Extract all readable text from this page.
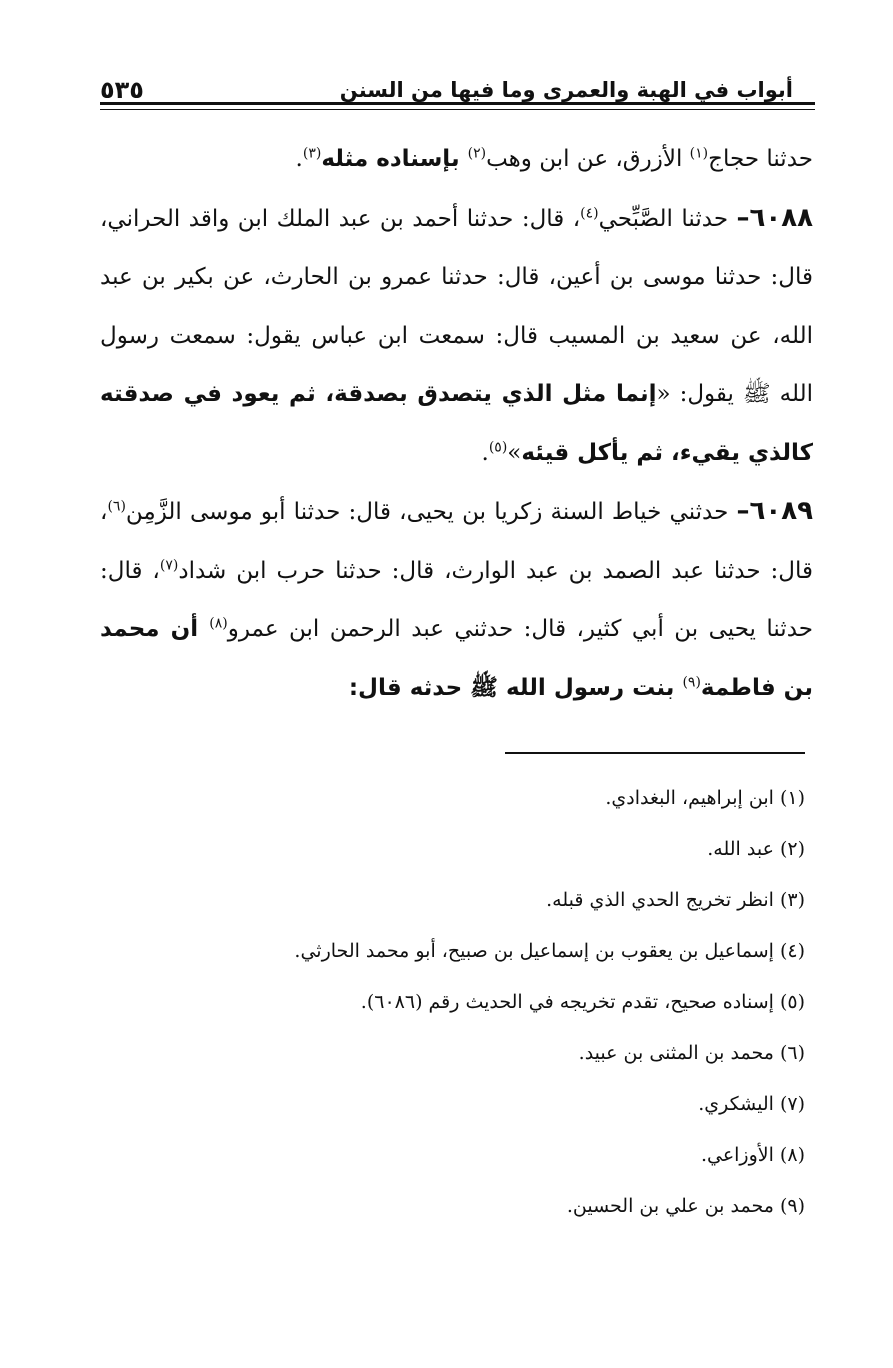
أبواب في الهبة والعمرى وما فيها من السنن
٥٣٥

حدثنا حجاج$^{(١)}$ الأزرق، عن ابن وهب$^{(٢)}$ بإسناده مثله$^{(٣)}$.

٦٠٨٨– حدثنا الصَّبِّحي$^{(٤)}$، قال: حدثنا أحمد بن عبد الملك ابن واقد الحراني، قال: حدثنا موسى بن أعين، قال: حدثنا عمرو بن الحارث، عن بكير بن عبد الله، عن سعيد بن المسيب قال: سمعت ابن عباس يقول: سمعت رسول الله ﷺ يقول: «إنما مثل الذي يتصدق بصدقة، ثم يعود في صدقته كالذي يقيء، ثم يأكل قيئه»$^{(٥)}$.

٦٠٨٩– حدثني خياط السنة زكريا بن يحيى، قال: حدثنا أبو موسى الزَّمِن$^{(٦)}$، قال: حدثنا عبد الصمد بن عبد الوارث، قال: حدثنا حرب ابن شداد$^{(٧)}$، قال: حدثنا يحيى بن أبي كثير، قال: حدثني عبد الرحمن ابن عمرو$^{(٨)}$ أن محمد بن فاطمة$^{(٩)}$ بنت رسول الله ﷺ حدثه قال:

(١) ابن إبراهيم، البغدادي.
(٢) عبد الله.
(٣) انظر تخريج الحدي الذي قبله.
(٤) إسماعيل بن يعقوب بن إسماعيل بن صبيح، أبو محمد الحارثي.
(٥) إسناده صحيح، تقدم تخريجه في الحديث رقم (٦٠٨٦).
(٦) محمد بن المثنى بن عبيد.
(٧) اليشكري.
(٨) الأوزاعي.
(٩) محمد بن علي بن الحسين.
